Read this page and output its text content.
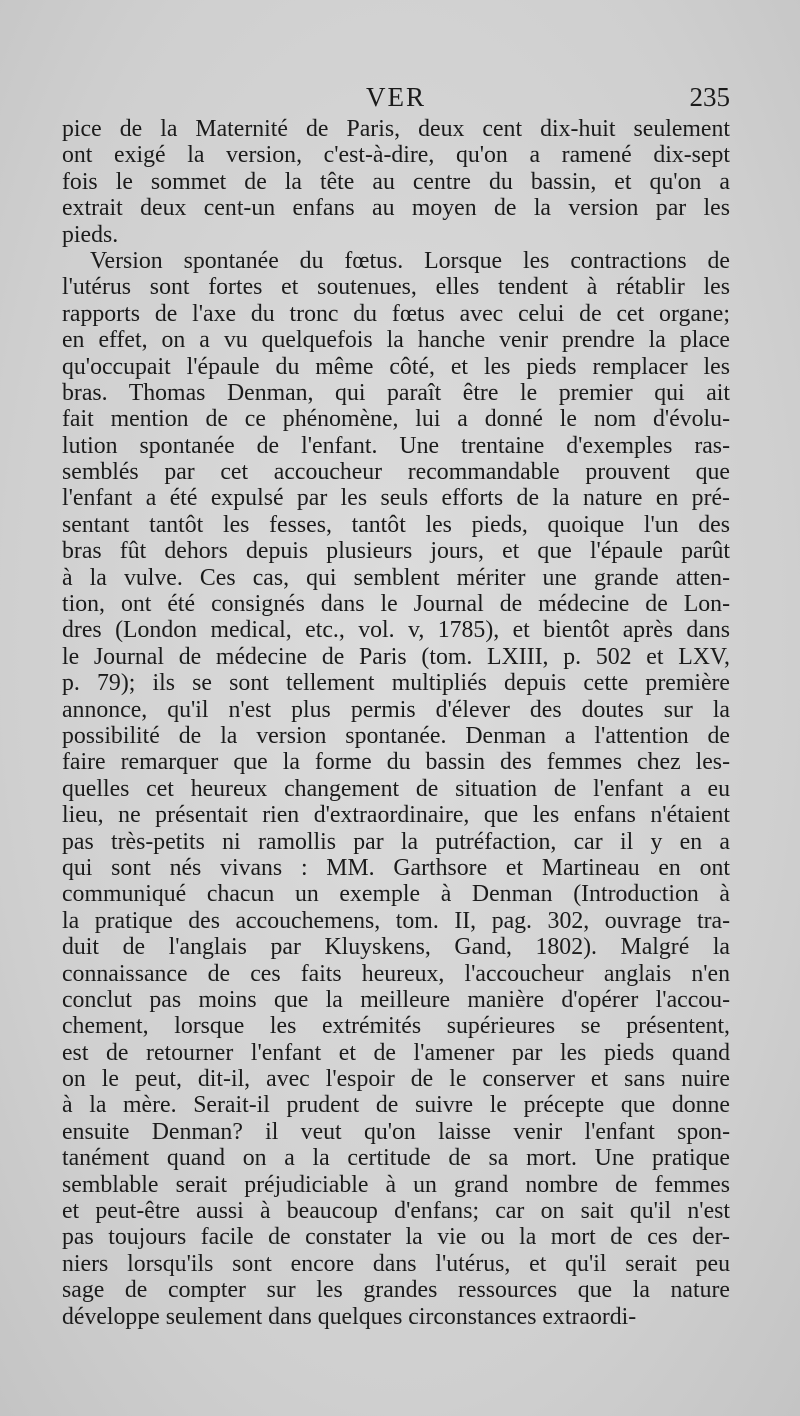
VER	235
pice de la Maternité de Paris, deux cent dix-huit seulement
ont exigé la version, c'est-à-dire, qu'on a ramené dix-sept
fois le sommet de la tête au centre du bassin, et qu'on a
extrait deux cent-un enfans au moyen de la version par les
pieds.
Version spontanée du fœtus. Lorsque les contractions de
l'utérus sont fortes et soutenues, elles tendent à rétablir les
rapports de l'axe du tronc du fœtus avec celui de cet organe;
en effet, on a vu quelquefois la hanche venir prendre la place
qu'occupait l'épaule du même côté, et les pieds remplacer les
bras. Thomas Denman, qui paraît être le premier qui ait
fait mention de ce phénomène, lui a donné le nom d'évolu-
lution spontanée de l'enfant. Une trentaine d'exemples ras-
semblés par cet accoucheur recommandable prouvent que
l'enfant a été expulsé par les seuls efforts de la nature en pré-
sentant tantôt les fesses, tantôt les pieds, quoique l'un des
bras fût dehors depuis plusieurs jours, et que l'épaule parût
à la vulve. Ces cas, qui semblent mériter une grande atten-
tion, ont été consignés dans le Journal de médecine de Lon-
dres (London medical, etc., vol. v, 1785), et bientôt après dans
le Journal de médecine de Paris (tom. LXIII, p. 502 et LXV,
p. 79); ils se sont tellement multipliés depuis cette première
annonce, qu'il n'est plus permis d'élever des doutes sur la
possibilité de la version spontanée. Denman a l'attention de
faire remarquer que la forme du bassin des femmes chez les-
quelles cet heureux changement de situation de l'enfant a eu
lieu, ne présentait rien d'extraordinaire, que les enfans n'étaient
pas très-petits ni ramollis par la putréfaction, car il y en a
qui sont nés vivans : MM. Garthsore et Martineau en ont
communiqué chacun un exemple à Denman (Introduction à
la pratique des accouchemens, tom. II, pag. 302, ouvrage tra-
duit de l'anglais par Kluyskens, Gand, 1802). Malgré la
connaissance de ces faits heureux, l'accoucheur anglais n'en
conclut pas moins que la meilleure manière d'opérer l'accou-
chement, lorsque les extrémités supérieures se présentent,
est de retourner l'enfant et de l'amener par les pieds quand
on le peut, dit-il, avec l'espoir de le conserver et sans nuire
à la mère. Serait-il prudent de suivre le précepte que donne
ensuite Denman? il veut qu'on laisse venir l'enfant spon-
tanément quand on a la certitude de sa mort. Une pratique
semblable serait préjudiciable à un grand nombre de femmes
et peut-être aussi à beaucoup d'enfans; car on sait qu'il n'est
pas toujours facile de constater la vie ou la mort de ces der-
niers lorsqu'ils sont encore dans l'utérus, et qu'il serait peu
sage de compter sur les grandes ressources que la nature
développe seulement dans quelques circonstances extraordi-
